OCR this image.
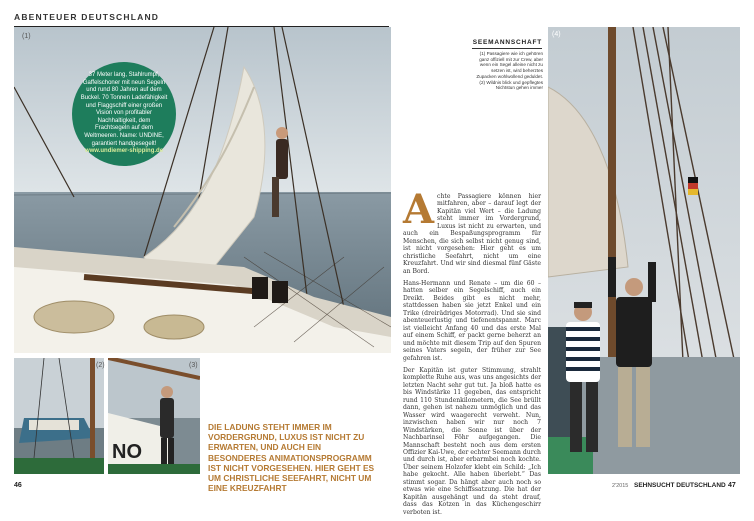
ABENTEUER DEUTSCHLAND
(1)

37 Meter lang, Stahlrumpf, Gaffelschoner mit neun Segeln und rund 80 Jahren auf dem Buckel. 70 Tonnen Ladefähigkeit und Flaggschiff einer großen Vision von profitabler Nachhaltigkeit, dem Frachtsegeln auf dem Weltmeeren. Name: UNDINE, garantiert handgesegelt!
www.undiemer-shipping.de

(2)
NO
(3)
DIE LADUNG STEHT IMMER IM VORDERGRUND, LUXUS IST NICHT ZU ERWARTEN, UND AUCH EIN BESONDERES ANIMATIONSPROGRAMM IST NICHT VORGESEHEN. HIER GEHT ES UM CHRISTLICHE SEEFAHRT, NICHT UM EINE KREUZFAHRT
(4)
SEEMANNSCHAFT

(1) Passagiere wie ich gehören ganz offiziell mit zur Crew, aber wenn ein Segel alleine nicht zu setzen ist, wird beherztes Zupacken wohlwollend geduldet.

(2) Wildnis blick und gepflegtes Nichtstun gehen immer

Achte Passagiere können hier mitfahren, aber – darauf legt der Kapitän viel Wert – die Ladung steht immer im Vordergrund, Luxus ist nicht zu erwarten, und auch ein Bespaßungsprogramm für Menschen, die sich selbst nicht genug sind, ist nicht vorgesehen: Hier geht es um christliche Seefahrt, nicht um eine Kreuzfahrt. Und wir sind diesmal fünf Gäste an Bord.

Hans-Hermann und Renate – um die 60 – hatten selber ein Segelschiff, auch ein Dreikt. Beides gibt es nicht mehr, stattdessen haben sie jetzt Enkel und ein Trike (dreirädriges Motorrad). Und sie sind abenteuerlustig und tiefenentspannt. Marc ist vielleicht Anfang 40 und das erste Mal auf einem Schiff, er packt gerne beherzt an und möchte mit diesem Trip auf den Spuren seines Vaters segeln, der früher zur See gefahren ist.

Der Kapitän ist guter Stimmung, strahlt komplette Ruhe aus, was uns angesichts der letzten Nacht sehr gut tut. Ja bloß hatte es bis Windstärke 11 gegeben, das entspricht rund 110 Stundenkilometern, die See brüllt dann, gehen ist nahezu unmöglich und das Wasser wird waagerecht verweht. Nun, inzwischen haben wir nur noch 7 Windstärken, die Sonne ist über der Nachbarinsel Föhr aufgegangen. Die Mannschaft besteht noch aus dem ersten Offizier Kai-Uwe, der echter Seemann durch und durch ist, aber erbarmbei noch kochte. Über seinem Holzofer klebt ein Schild: „Ich habe gekocht. Alle haben überlebt.“ Das stimmt sogar. Da hängt aber auch noch so etwas wie eine Schiffssatzung. Die hat der Kapitän ausgehängt und da steht drauf, dass das Kotzen in das Küchengeschirr verboten ist.

46	2'2015 SEHNSUCHT DEUTSCHLAND 47
